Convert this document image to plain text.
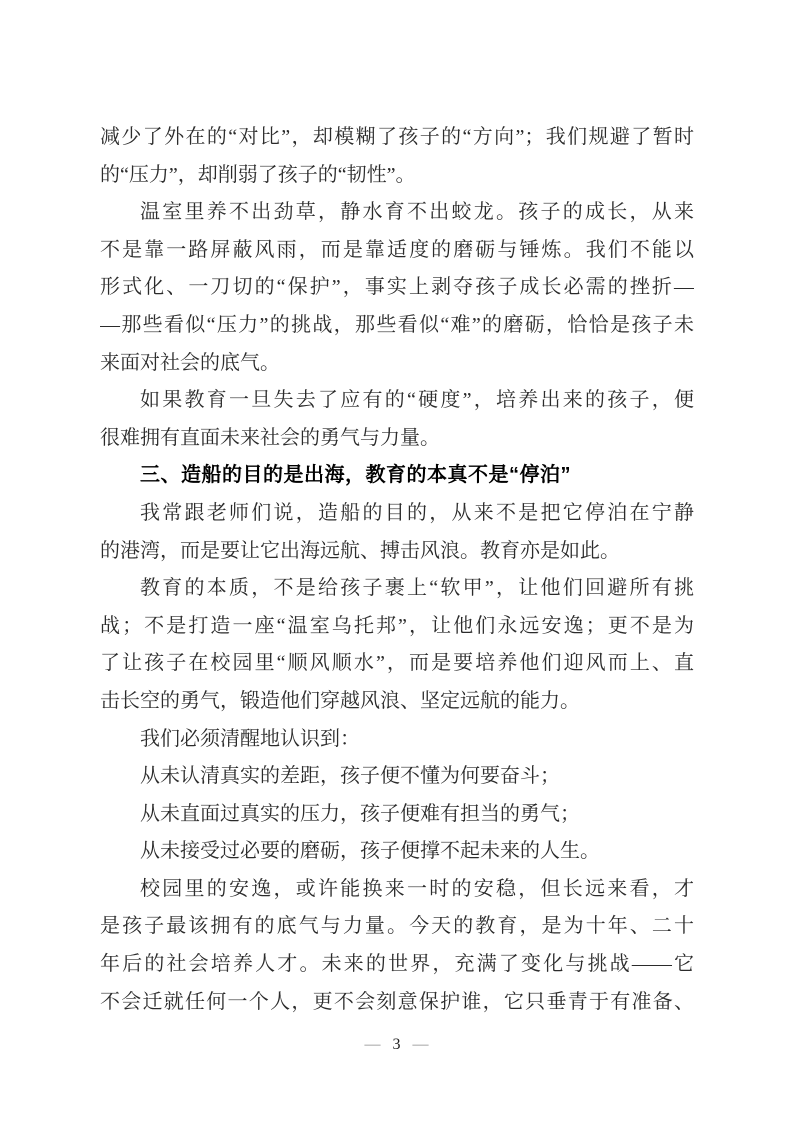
减少了外在的“对比”，却模糊了孩子的“方向”；我们规避了暂时
的“压力”，却削弱了孩子的“韧性”。
温室里养不出劲草，静水育不出蛟龙。孩子的成长，从来
不是靠一路屏蔽风雨，而是靠适度的磨砺与锤炼。我们不能以
形式化、一刀切的“保护”，事实上剥夺孩子成长必需的挫折—
—那些看似“压力”的挑战，那些看似“难”的磨砺，恰恰是孩子未
来面对社会的底气。
如果教育一旦失去了应有的“硬度”，培养出来的孩子，便
很难拥有直面未来社会的勇气与力量。
三、造船的目的是出海，教育的本真不是“停泊”
我常跟老师们说，造船的目的，从来不是把它停泊在宁静
的港湾，而是要让它出海远航、搏击风浪。教育亦是如此。
教育的本质，不是给孩子裹上“软甲”，让他们回避所有挑
战；不是打造一座“温室乌托邦”，让他们永远安逸；更不是为
了让孩子在校园里“顺风顺水”，而是要培养他们迎风而上、直
击长空的勇气，锻造他们穿越风浪、坚定远航的能力。
我们必须清醒地认识到：
从未认清真实的差距，孩子便不懂为何要奋斗；
从未直面过真实的压力，孩子便难有担当的勇气；
从未接受过必要的磨砺，孩子便撑不起未来的人生。
校园里的安逸，或许能换来一时的安稳，但长远来看，才
是孩子最该拥有的底气与力量。今天的教育，是为十年、二十
年后的社会培养人才。未来的世界，充满了变化与挑战——它
不会迁就任何一个人，更不会刻意保护谁，它只垂青于有准备、
— 3 —
